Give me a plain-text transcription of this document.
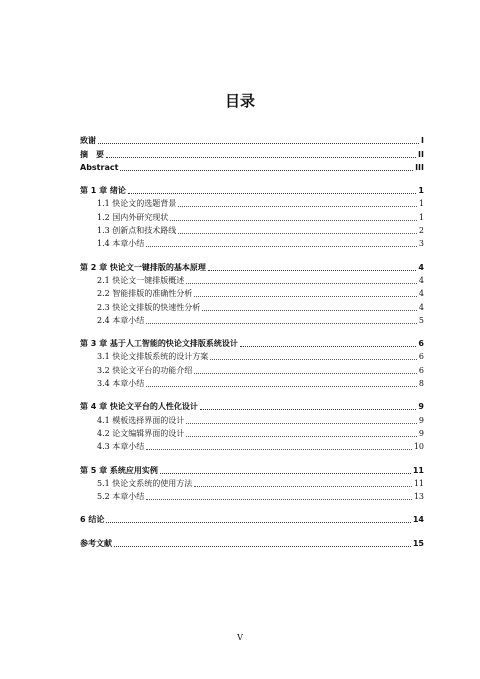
目录
致谢	I
摘　要	II
Abstract	III
第 1 章 绪论	1
1.1 快论文的选题背景	1
1.2 国内外研究现状	1
1.3 创新点和技术路线	2
1.4 本章小结	3
第 2 章 快论文一键排版的基本原理	4
2.1 快论文一键排版概述	4
2.2 智能排版的准确性分析	4
2.3 快论文排版的快速性分析	4
2.4 本章小结	5
第 3 章 基于人工智能的快论文排版系统设计	6
3.1 快论文排版系统的设计方案	6
3.2 快论文平台的功能介绍	6
3.4 本章小结	8
第 4 章 快论文平台的人性化设计	9
4.1 模板选择界面的设计	9
4.2 论文编辑界面的设计	9
4.3 本章小结	10
第 5 章 系统应用实例	11
5.1 快论文系统的使用方法	11
5.2 本章小结	13
6 结论	14
参考文献	15
V
